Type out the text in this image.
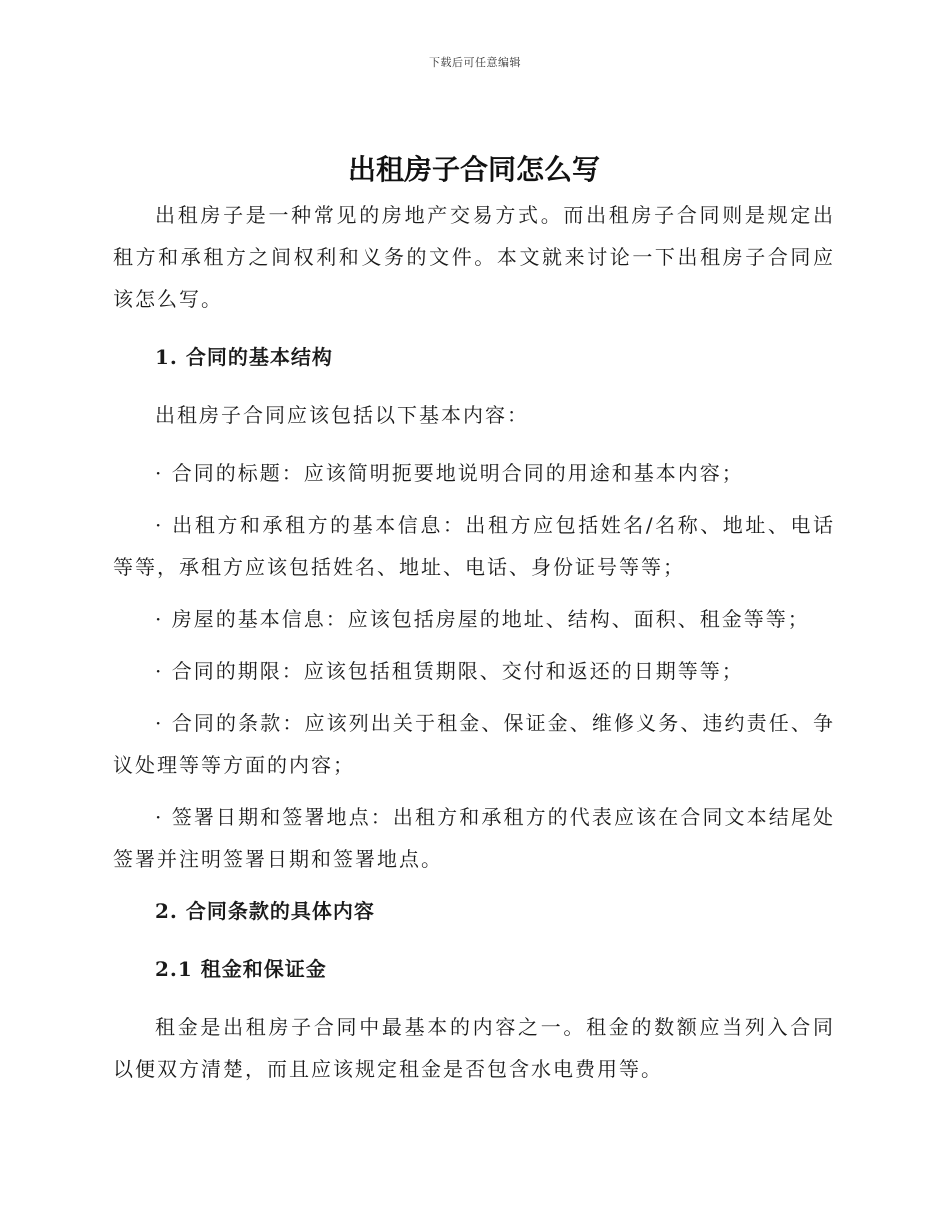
下载后可任意编辑
出租房子合同怎么写

出租房子是一种常见的房地产交易方式。而出租房子合同则是规定出租方和承租方之间权利和义务的文件。本文就来讨论一下出租房子合同应该怎么写。

1. 合同的基本结构

出租房子合同应该包括以下基本内容：

· 合同的标题：应该简明扼要地说明合同的用途和基本内容；

· 出租方和承租方的基本信息：出租方应包括姓名/名称、地址、电话等等，承租方应该包括姓名、地址、电话、身份证号等等；

· 房屋的基本信息：应该包括房屋的地址、结构、面积、租金等等；

· 合同的期限：应该包括租赁期限、交付和返还的日期等等；

· 合同的条款：应该列出关于租金、保证金、维修义务、违约责任、争议处理等等方面的内容；

· 签署日期和签署地点：出租方和承租方的代表应该在合同文本结尾处签署并注明签署日期和签署地点。

2. 合同条款的具体内容

2.1 租金和保证金

租金是出租房子合同中最基本的内容之一。租金的数额应当列入合同以便双方清楚，而且应该规定租金是否包含水电费用等。
